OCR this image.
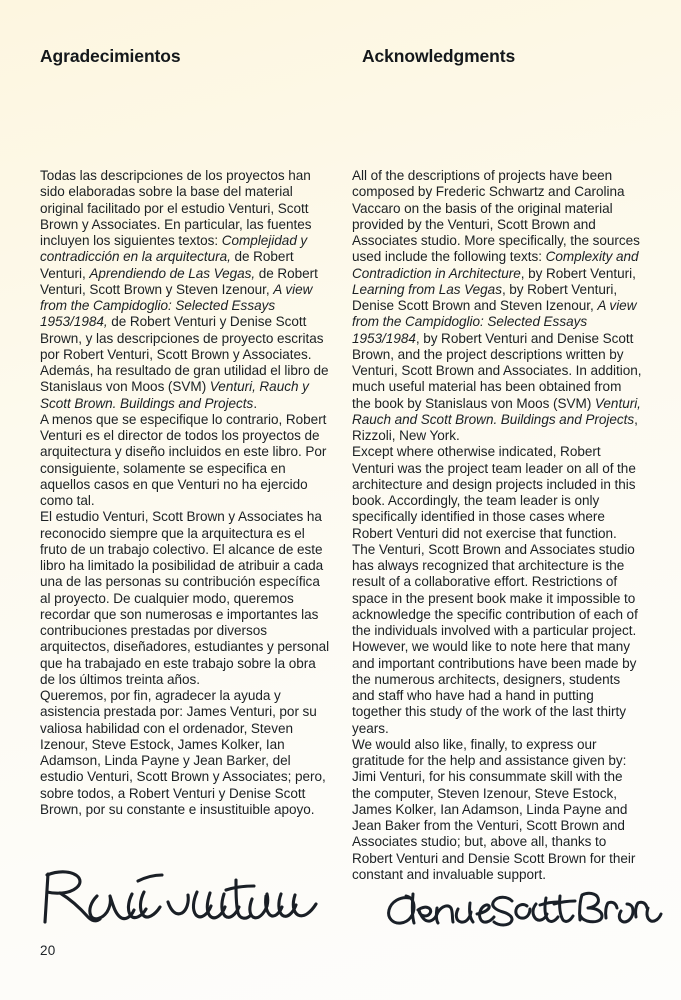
Agradecimientos	Acknowledgments

Todas las descripciones de los proyectos han sido elaboradas sobre la base del material original facilitado por el estudio Venturi, Scott Brown y Associates. En particular, las fuentes incluyen los siguientes textos: Complejidad y contradicción en la arquitectura, de Robert Venturi, Aprendiendo de Las Vegas, de Robert Venturi, Scott Brown y Steven Izenour, A view from the Campidoglio: Selected Essays 1953/1984, de Robert Venturi y Denise Scott Brown, y las descripciones de proyecto escritas por Robert Venturi, Scott Brown y Associates. Además, ha resultado de gran utilidad el libro de Stanislaus von Moos (SVM) Venturi, Rauch y Scott Brown. Buildings and Projects.

A menos que se especifique lo contrario, Robert Venturi es el director de todos los proyectos de arquitectura y diseño incluidos en este libro. Por consiguiente, solamente se especifica en aquellos casos en que Venturi no ha ejercido como tal.

El estudio Venturi, Scott Brown y Associates ha reconocido siempre que la arquitectura es el fruto de un trabajo colectivo. El alcance de este libro ha limitado la posibilidad de atribuir a cada una de las personas su contribución específica al proyecto. De cualquier modo, queremos recordar que son numerosas e importantes las contribuciones prestadas por diversos arquitectos, diseñadores, estudiantes y personal que ha trabajado en este trabajo sobre la obra de los últimos treinta años.

Queremos, por fin, agradecer la ayuda y asistencia prestada por: James Venturi, por su valiosa habilidad con el ordenador, Steven Izenour, Steve Estock, James Kolker, Ian Adamson, Linda Payne y Jean Barker, del estudio Venturi, Scott Brown y Associates; pero, sobre todos, a Robert Venturi y Denise Scott Brown, por su constante e insustituible apoyo.

All of the descriptions of projects have been composed by Frederic Schwartz and Carolina Vaccaro on the basis of the original material provided by the Venturi, Scott Brown and Associates studio. More specifically, the sources used include the following texts: Complexity and Contradiction in Architecture, by Robert Venturi, Learning from Las Vegas, by Robert Venturi, Denise Scott Brown and Steven Izenour, A view from the Campidoglio: Selected Essays 1953/1984, by Robert Venturi and Denise Scott Brown, and the project descriptions written by Venturi, Scott Brown and Associates. In addition, much useful material has been obtained from the book by Stanislaus von Moos (SVM) Venturi, Rauch and Scott Brown. Buildings and Projects, Rizzoli, New York.

Except where otherwise indicated, Robert Venturi was the project team leader on all of the architecture and design projects included in this book. Accordingly, the team leader is only specifically identified in those cases where Robert Venturi did not exercise that function.

The Venturi, Scott Brown and Associates studio has always recognized that architecture is the result of a collaborative effort. Restrictions of space in the present book make it impossible to acknowledge the specific contribution of each of the individuals involved with a particular project. However, we would like to note here that many and important contributions have been made by the numerous architects, designers, students and staff who have had a hand in putting together this study of the work of the last thirty years.

We would also like, finally, to express our gratitude for the help and assistance given by: Jimi Venturi, for his consummate skill with the the computer, Steven Izenour, Steve Estock, James Kolker, Ian Adamson, Linda Payne and Jean Baker from the Venturi, Scott Brown and Associates studio; but, above all, thanks to Robert Venturi and Densie Scott Brown for their constant and invaluable support.

20
